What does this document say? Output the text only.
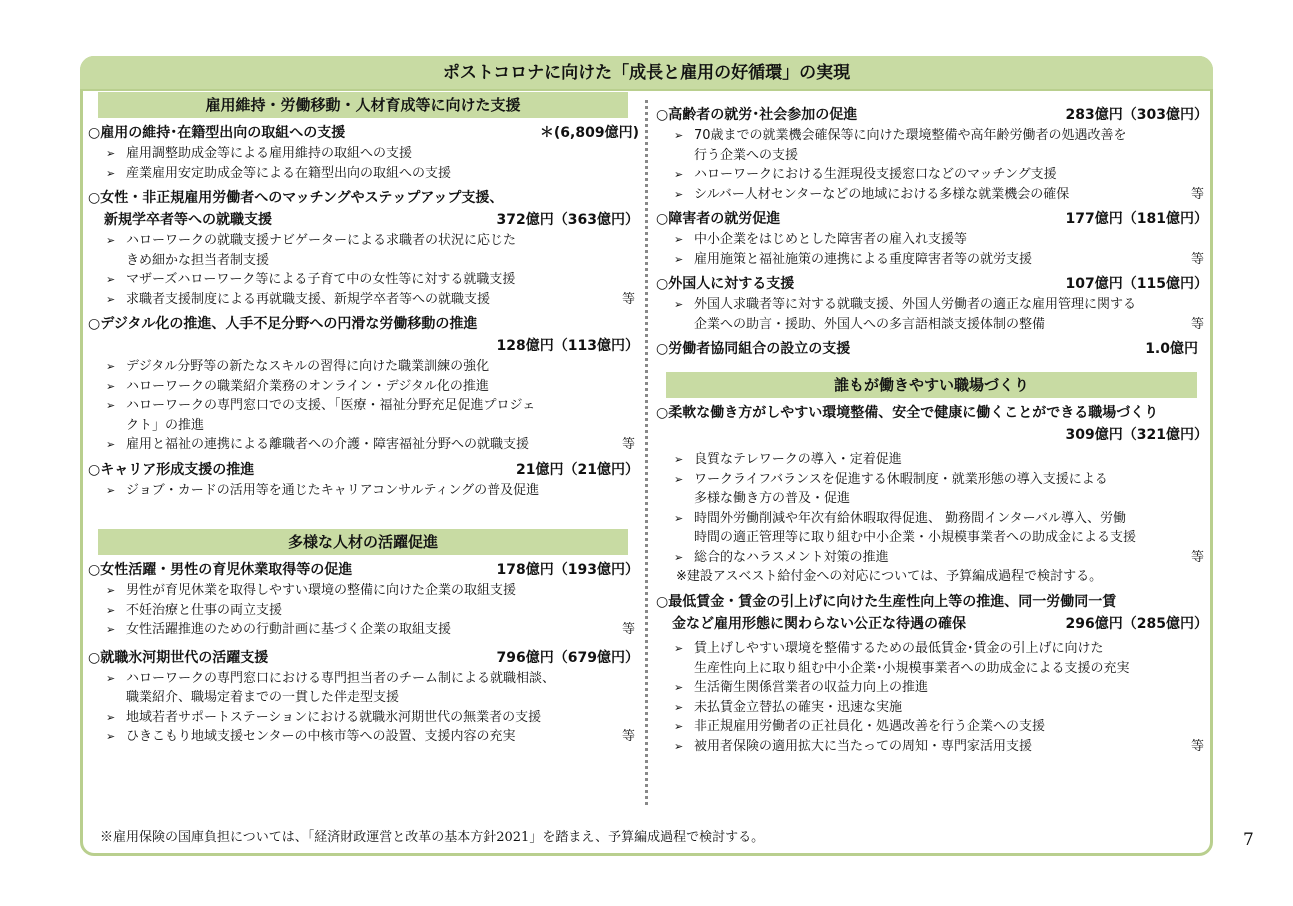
ポストコロナに向けた「成長と雇用の好循環」の実現
雇用維持・労働移動・人材育成等に向けた支援
○雇用の維持･在籍型出向の取組への支援	＊(6,809億円)
➢ 雇用調整助成金等による雇用維持の取組への支援
➢ 産業雇用安定助成金等による在籍型出向の取組への支援
○女性・非正規雇用労働者へのマッチングやステップアップ支援、
新規学卒者等への就職支援	372億円（363億円）
➢ ハローワークの就職支援ナビゲーターによる求職者の状況に応じた
きめ細かな担当者制支援
➢ マザーズハローワーク等による子育て中の女性等に対する就職支援
➢ 求職者支援制度による再就職支援、新規学卒者等への就職支援	等
○デジタル化の推進、人手不足分野への円滑な労働移動の推進
128億円（113億円）
➢ デジタル分野等の新たなスキルの習得に向けた職業訓練の強化
➢ ハローワークの職業紹介業務のオンライン・デジタル化の推進
➢ ハローワークの専門窓口での支援、「医療・福祉分野充足促進プロジェ
クト」の推進
➢ 雇用と福祉の連携による離職者への介護・障害福祉分野への就職支援	等
○キャリア形成支援の推進	21億円（21億円）
➢ ジョブ・カードの活用等を通じたキャリアコンサルティングの普及促進
多様な人材の活躍促進
○女性活躍・男性の育児休業取得等の促進	178億円（193億円）
➢ 男性が育児休業を取得しやすい環境の整備に向けた企業の取組支援
➢ 不妊治療と仕事の両立支援
➢ 女性活躍推進のための行動計画に基づく企業の取組支援	等
○就職氷河期世代の活躍支援	796億円（679億円）
➢ ハローワークの専門窓口における専門担当者のチーム制による就職相談、
職業紹介、職場定着までの一貫した伴走型支援
➢ 地域若者サポートステーションにおける就職氷河期世代の無業者の支援
➢ ひきこもり地域支援センターの中核市等への設置、支援内容の充実	等
○高齢者の就労･社会参加の促進	283億円（303億円）
➢ 70歳までの就業機会確保等に向けた環境整備や高年齢労働者の処遇改善を
行う企業への支援
➢ ハローワークにおける生涯現役支援窓口などのマッチング支援
➢ シルバー人材センターなどの地域における多様な就業機会の確保	等
○障害者の就労促進	177億円（181億円）
➢ 中小企業をはじめとした障害者の雇入れ支援等
➢ 雇用施策と福祉施策の連携による重度障害者等の就労支援	等
○外国人に対する支援	107億円（115億円）
➢ 外国人求職者等に対する就職支援、外国人労働者の適正な雇用管理に関する
企業への助言・援助、外国人への多言語相談支援体制の整備	等
○労働者協同組合の設立の支援	1.0億円
誰もが働きやすい職場づくり
○柔軟な働き方がしやすい環境整備、安全で健康に働くことができる職場づくり
309億円（321億円）
➢ 良質なテレワークの導入・定着促進
➢ ワークライフバランスを促進する休暇制度・就業形態の導入支援による
多様な働き方の普及・促進
➢ 時間外労働削減や年次有給休暇取得促進、 勤務間インターバル導入、労働
時間の適正管理等に取り組む中小企業・小規模事業者への助成金による支援
➢ 総合的なハラスメント対策の推進	等
※建設アスベスト給付金への対応については、予算編成過程で検討する。
○最低賃金・賃金の引上げに向けた生産性向上等の推進、同一労働同一賃
金など雇用形態に関わらない公正な待遇の確保	296億円（285億円）
➢ 賃上げしやすい環境を整備するための最低賃金･賃金の引上げに向けた
生産性向上に取り組む中小企業･小規模事業者への助成金による支援の充実
➢ 生活衛生関係営業者の収益力向上の推進
➢ 未払賃金立替払の確実・迅速な実施
➢ 非正規雇用労働者の正社員化・処遇改善を行う企業への支援
➢ 被用者保険の適用拡大に当たっての周知・専門家活用支援	等
※雇用保険の国庫負担については、「経済財政運営と改革の基本方針2021」を踏まえ、予算編成過程で検討する。	7
